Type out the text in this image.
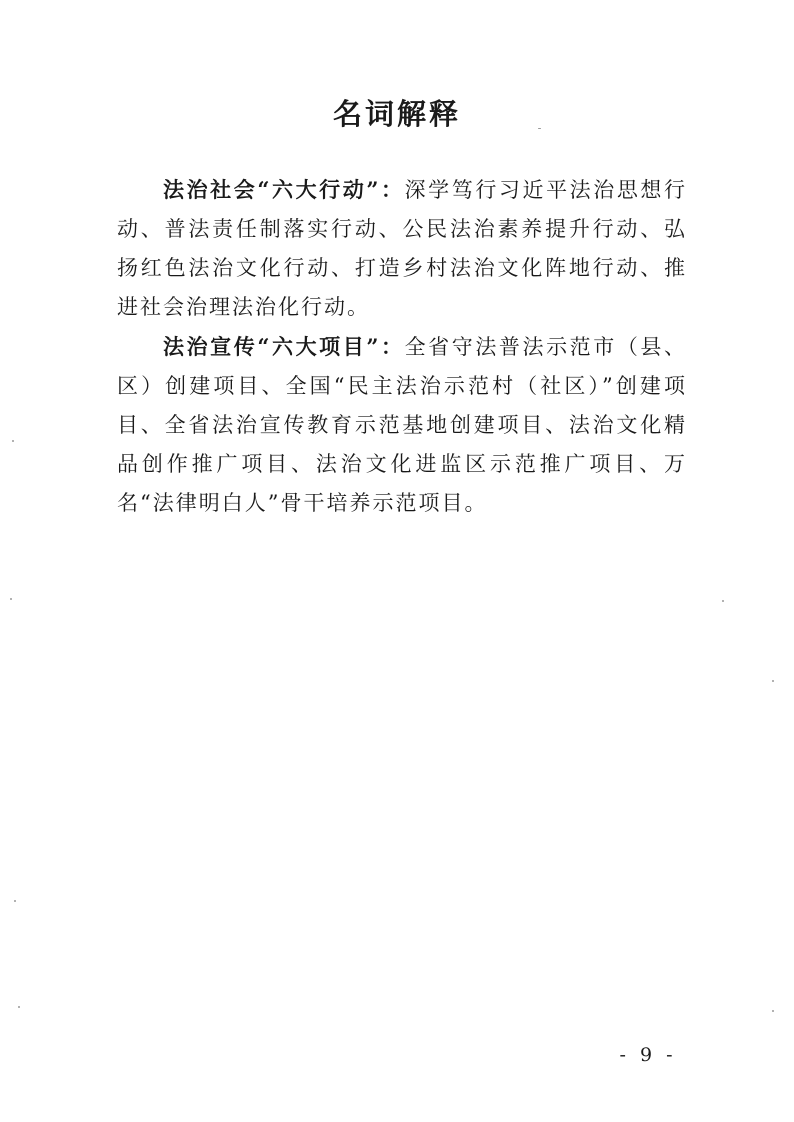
名词解释

法治社会“六大行动”：深学笃行习近平法治思想行动、普法责任制落实行动、公民法治素养提升行动、弘扬红色法治文化行动、打造乡村法治文化阵地行动、推进社会治理法治化行动。

法治宣传“六大项目”：全省守法普法示范市（县、区）创建项目、全国“民主法治示范村（社区）”创建项目、全省法治宣传教育示范基地创建项目、法治文化精品创作推广项目、法治文化进监区示范推广项目、万名“法律明白人”骨干培养示范项目。

- 9 -
